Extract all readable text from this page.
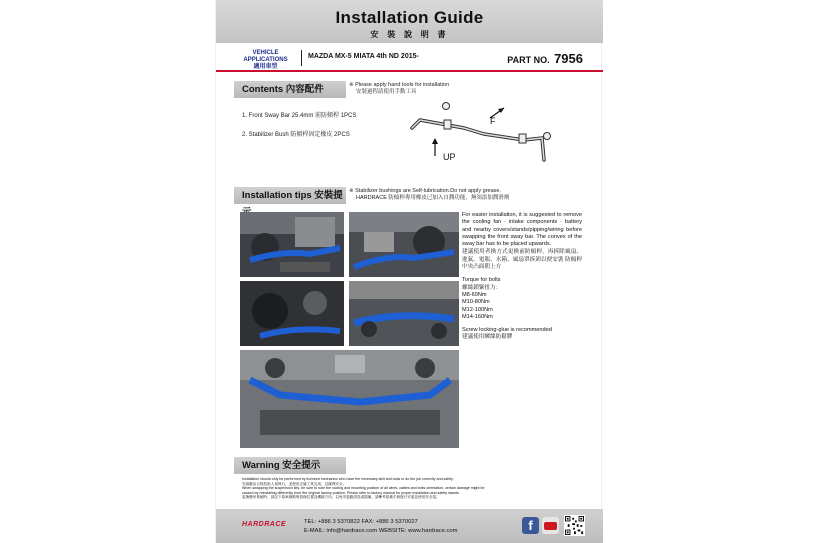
Installation Guide
安 裝 說 明 書
VEHICLE APPLICATIONS
適用車型
MAZDA MX-5 MIATA 4th ND 2015-	PART NO. 7956
Contents 內容配件	※ Please apply hand tools for installation
安裝過程請使用手動工具
1. Front Sway Bar 25.4mm 前防傾桿 1PCS
2. Stabilizer Bush 防傾桿固定橡皮 2PCS
F
UP
Installation tips 安裝提	※ Stabilizer bushings are Self-lubrication.Do not apply grease.
HARDRACE 防傾桿專用橡皮已加入自潤功能，無須添加潤滑劑
For easier installation, it is suggested to remove the cooling fan · intake components · battery and nearby covers/stands/pipping/wiring before swapping the front sway bar. The convex of the sway bar has to be placed upwards.
建議使用者換方式更換前防傾桿，再拆除風扇、進氣、電瓶、水箱、風扇罩拆卸以便安裝 防傾桿中央凸面朝上方
Torque for bolts
螺絲鎖緊扭力：
M8-60Nm
M10-80Nm
M12-100Nm
M14-160Nm
Screw locking-glue is recommended
建議使用螺絲防鬆膠
Warning 安全提示
Installation should only be performed by licensed mechanics who have the necessary skill and tools to do the job correctly and safely.
安裝應由合格技術人員執行，並使用正確工具完成，以確保安全。
When swapping the suspension kits, be sure to note the routing and mounting position of all wires, cables and bolts orientation, certain damage might be
caused by reinstalling differently from the original factory position. Please refer to factory manual for proper installation and safety stands.
更換懸吊系統時，請記下原車線路與管線位置及螺絲方向，以免安裝錯誤造成損壞，請參考原廠手冊進行安裝並使用安全架。
HARDRACE	TEL: +886 3 5370822 FAX: +886 3 5370027
E-MAIL: info@hardrace.com WEBSITE: www.hardrace.com	f
